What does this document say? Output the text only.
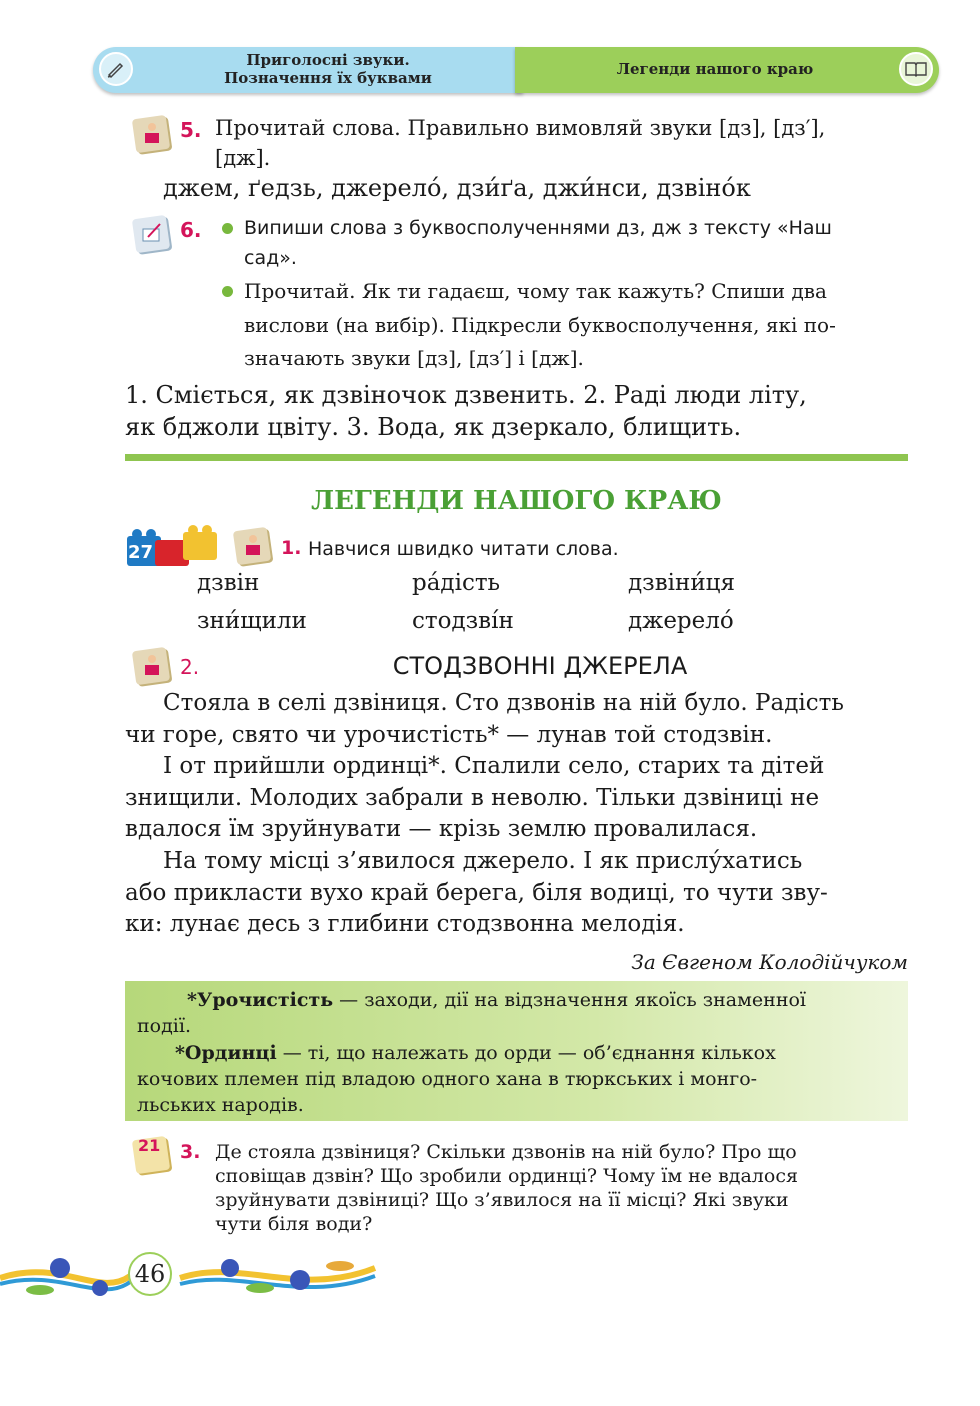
Приголосні звуки.
Позначення їх буквами	Легенди нашого краю
5. Прочитай слова. Правильно вимовляй звуки [дз], [дз′],
[дж].
джем, ґедзь, джерело́, дзи́ґа, джи́нси, дзвіно́к
6. Випиши слова з буквосполученнями дз, дж з тексту «Наш
сад».
Прочитай. Як ти гадаєш, чому так кажуть? Спиши два
вислови (на вибір). Підкресли буквосполучення, які по-
значають звуки [дз], [дз′] і [дж].
1. Сміється, як дзвіночок дзвенить. 2. Раді люди літу,
як бджоли цвіту. 3. Вода, як дзеркало, блищить.
ЛЕГЕНДИ НАШОГО КРАЮ
27	1. Навчися швидко читати слова.
дзвін	ра́дість	дзвіни́ця
зни́щили	стодзві́н	джерело́
2.	СТОДЗВОННІ ДЖЕРЕЛА
Стояла в селі дзвіниця. Сто дзвонів на ній було. Радість
чи горе, свято чи урочистість* — лунав той стодзвін.
І от прийшли ординці*. Спалили село, старих та дітей
знищили. Молодих забрали в неволю. Тільки дзвіниці не
вдалося їм зруйнувати — крізь землю провалилася.
На тому місці з’явилося джерело. І як прислу́хатись
або прикласти вухо край берега, біля водиці, то чути зву-
ки: лунає десь з глибини стодзвонна мелодія.
За Євгеном Колодійчуком
*Урочистість — заходи, дії на відзначення якоїсь знаменної
події.
*Ординці — ті, що належать до орди — об’єднання кількох
кочових племен під владою одного хана в тюркських і монго-
льських народів.
21 3. Де стояла дзвіниця? Скільки дзвонів на ній було? Про що
сповіщав дзвін? Що зробили ординці? Чому їм не вдалося
зруйнувати дзвіниці? Що з’явилося на її місці? Які звуки
чути біля води?
46
